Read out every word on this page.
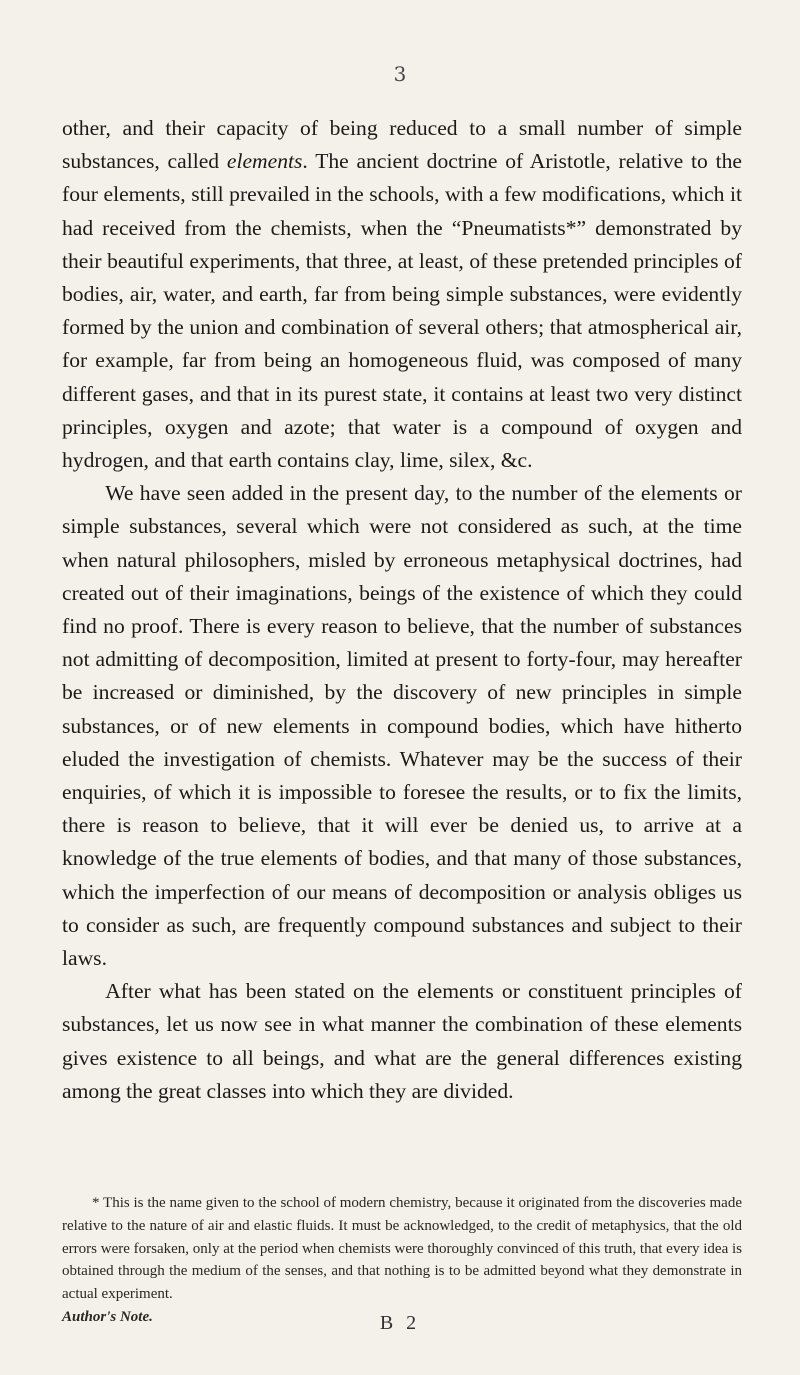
3

other, and their capacity of being reduced to a small number of simple substances, called elements. The ancient doctrine of Aristotle, relative to the four elements, still prevailed in the schools, with a few modifications, which it had received from the chemists, when the “Pneumatists*” demonstrated by their beautiful experiments, that three, at least, of these pretended principles of bodies, air, water, and earth, far from being simple substances, were evidently formed by the union and combination of several others; that atmospherical air, for example, far from being an homogeneous fluid, was composed of many different gases, and that in its purest state, it contains at least two very distinct principles, oxygen and azote; that water is a compound of oxygen and hydrogen, and that earth contains clay, lime, silex, &c.

We have seen added in the present day, to the number of the elements or simple substances, several which were not considered as such, at the time when natural philosophers, misled by erroneous metaphysical doctrines, had created out of their imaginations, beings of the existence of which they could find no proof. There is every reason to believe, that the number of substances not admitting of decomposition, limited at present to forty-four, may hereafter be increased or diminished, by the discovery of new principles in simple substances, or of new elements in compound bodies, which have hitherto eluded the investigation of chemists. Whatever may be the success of their enquiries, of which it is impossible to foresee the results, or to fix the limits, there is reason to believe, that it will ever be denied us, to arrive at a knowledge of the true elements of bodies, and that many of those substances, which the imperfection of our means of decomposition or analysis obliges us to consider as such, are frequently compound substances and subject to their laws.

After what has been stated on the elements or constituent principles of substances, let us now see in what manner the combination of these elements gives existence to all beings, and what are the general differences existing among the great classes into which they are divided.

* This is the name given to the school of modern chemistry, because it originated from the discoveries made relative to the nature of air and elastic fluids. It must be acknowledged, to the credit of metaphysics, that the old errors were forsaken, only at the period when chemists were thoroughly convinced of this truth, that every idea is obtained through the medium of the senses, and that nothing is to be admitted beyond what they demonstrate in actual experiment.

Author's Note.	B 2
